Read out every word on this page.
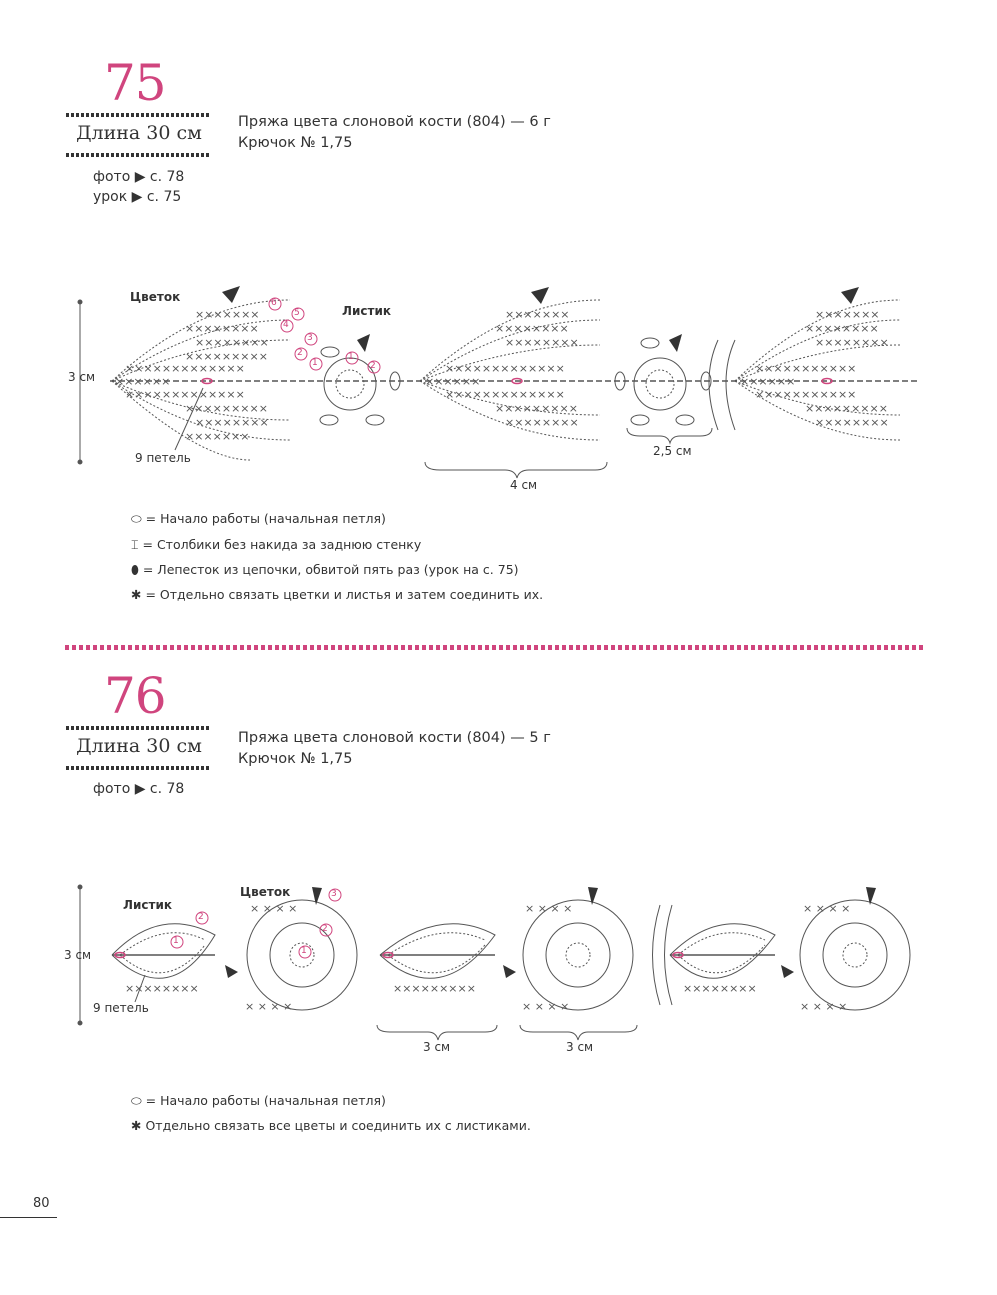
75
Длина 30 см
фото ▶ с. 78
урок ▶ с. 75
Пряжа цвета слоновой кости (804) — 6 г
Крючок № 1,75
×××××××
××××××××
××××××××
×××××××××
×××××××××××××
××××××
×××××××××××××
×××××××××
××××××××
×××××××
×××××××
××××××××
××××××××
×××××××××××××
××××××
×××××××××××××
×××××××××
××××××××
×××××××
××××××××
××××××××
×××××××××××
××××××
×××××××××××
×××××××××
××××××××
Цветок
Листик
3 см
9 петель
4 см
2,5 см
6
5
4
3
2
1
1
2
⬭ = Начало работы (начальная петля)
⌶ = Столбики без накида за заднюю стенку
⬮ = Лепесток из цепочки, обвитой пять раз (урок на с. 75)
✱ = Отдельно связать цветки и листья и затем соединить их.
76
Длина 30 см
фото ▶ с. 78
Пряжа цвета слоновой кости (804) — 5 г
Крючок № 1,75
× × × ×
× × × ×
× × × ×
× × × ×
× × × ×
× × × ×
××××××××	×××××××××	××××××××
Листик
Цветок
3 см
9 петель
3 см	3 см
2
1
3
2
1
⬭ = Начало работы (начальная петля)
✱ Отдельно связать все цветы и соединить их с листиками.
80
